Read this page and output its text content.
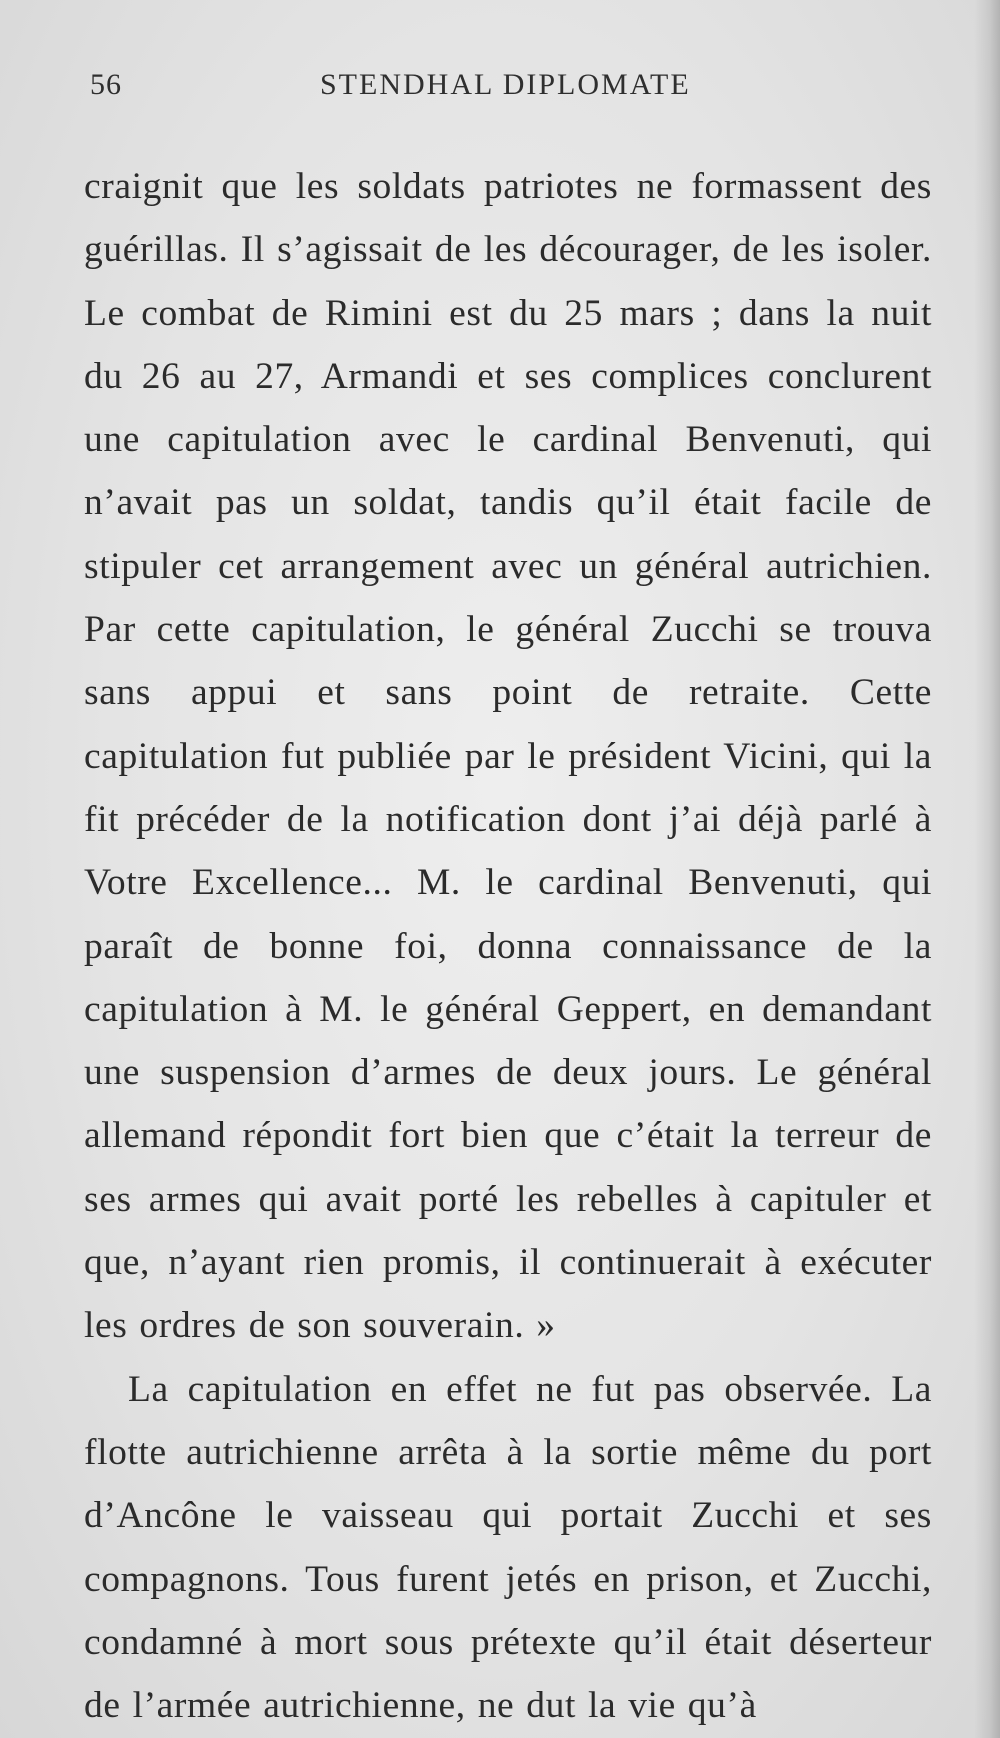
56	STENDHAL DIPLOMATE

craignit que les soldats patriotes ne formassent des guérillas. Il s’agissait de les décourager, de les isoler. Le combat de Rimini est du 25 mars ; dans la nuit du 26 au 27, Armandi et ses complices conclurent une capitulation avec le cardinal Benvenuti, qui n’avait pas un soldat, tandis qu’il était facile de stipuler cet arrangement avec un général autrichien. Par cette capitulation, le général Zucchi se trouva sans appui et sans point de retraite. Cette capitulation fut publiée par le président Vicini, qui la fit précéder de la notification dont j’ai déjà parlé à Votre Excellence... M. le cardinal Benvenuti, qui paraît de bonne foi, donna connaissance de la capitulation à M. le général Geppert, en demandant une suspension d’armes de deux jours. Le général allemand répondit fort bien que c’était la terreur de ses armes qui avait porté les rebelles à capituler et que, n’ayant rien promis, il continuerait à exécuter les ordres de son souverain. »

La capitulation en effet ne fut pas observée. La flotte autrichienne arrêta à la sortie même du port d’Ancône le vaisseau qui portait Zucchi et ses compagnons. Tous furent jetés en prison, et Zucchi, condamné à mort sous prétexte qu’il était déserteur de l’armée autrichienne, ne dut la vie qu’à
